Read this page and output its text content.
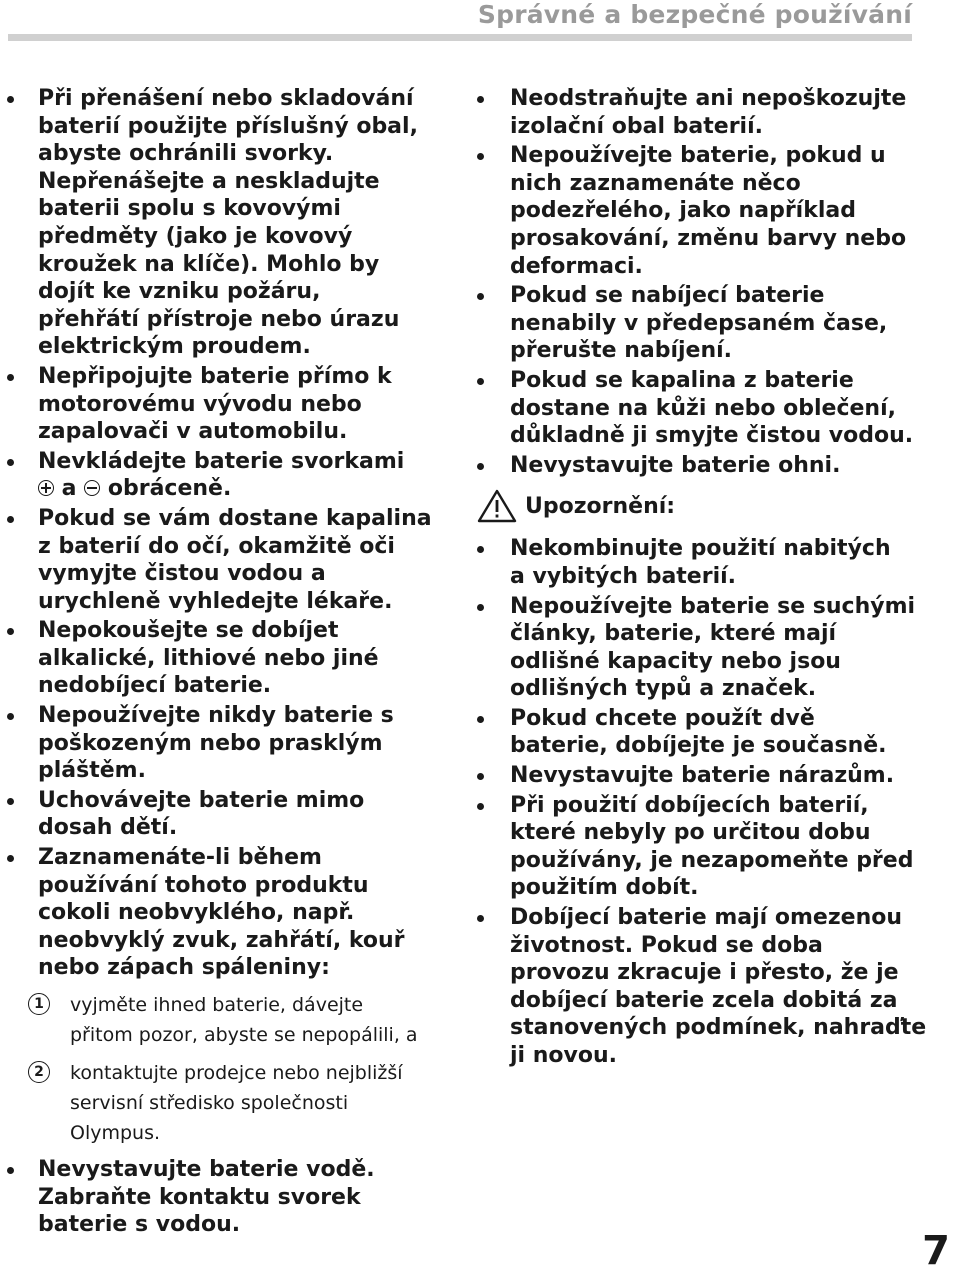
Správné a bezpečné používání
Při přenášení nebo skladování baterií použijte příslušný obal, abyste ochránili svorky. Nepřenášejte a neskladujte baterii spolu s kovovými předměty (jako je kovový kroužek na klíče). Mohlo by dojít ke vzniku požáru, přehřátí přístroje nebo úrazu elektrickým proudem.
Nepřipojujte baterie přímo k motorovému vývodu nebo zapalovači v automobilu.
Nevkládejte baterie svorkami
a obráceně.
Pokud se vám dostane kapalina z baterií do očí, okamžitě oči vymyjte čistou vodou a urychleně vyhledejte lékaře.
Nepokoušejte se dobíjet alkalické, lithiové nebo jiné nedobíjecí baterie.
Nepoužívejte nikdy baterie s poškozeným nebo prasklým pláštěm.
Uchovávejte baterie mimo dosah dětí.
Zaznamenáte-li během používání tohoto produktu cokoli neobvyklého, např. neobvyklý zvuk, zahřátí, kouř nebo zápach spáleniny:
1	vyjměte ihned baterie, dávejte přitom pozor, abyste se nepopálili, a
2	kontaktujte prodejce nebo nejbližší servisní středisko společnosti Olympus.
Nevystavujte baterie vodě. Zabraňte kontaktu svorek baterie s vodou.
Neodstraňujte ani nepoškozujte izolační obal baterií.
Nepoužívejte baterie, pokud u nich zaznamenáte něco podezřelého, jako například prosakování, změnu barvy nebo deformaci.
Pokud se nabíjecí baterie nenabily v předepsaném čase, přerušte nabíjení.
Pokud se kapalina z baterie dostane na kůži nebo oblečení, důkladně ji smyjte čistou vodou.
Nevystavujte baterie ohni.
Upozornění:
Nekombinujte použití nabitých a vybitých baterií.
Nepoužívejte baterie se suchými články, baterie, které mají odlišné kapacity nebo jsou odlišných typů a značek.
Pokud chcete použít dvě baterie, dobíjejte je současně.
Nevystavujte baterie nárazům.
Při použití dobíjecích baterií, které nebyly po určitou dobu používány, je nezapomeňte před použitím dobít.
Dobíjecí baterie mají omezenou životnost. Pokud se doba provozu zkracuje i přesto, že je dobíjecí baterie zcela dobitá za stanovených podmínek, nahraďte ji novou.
7
